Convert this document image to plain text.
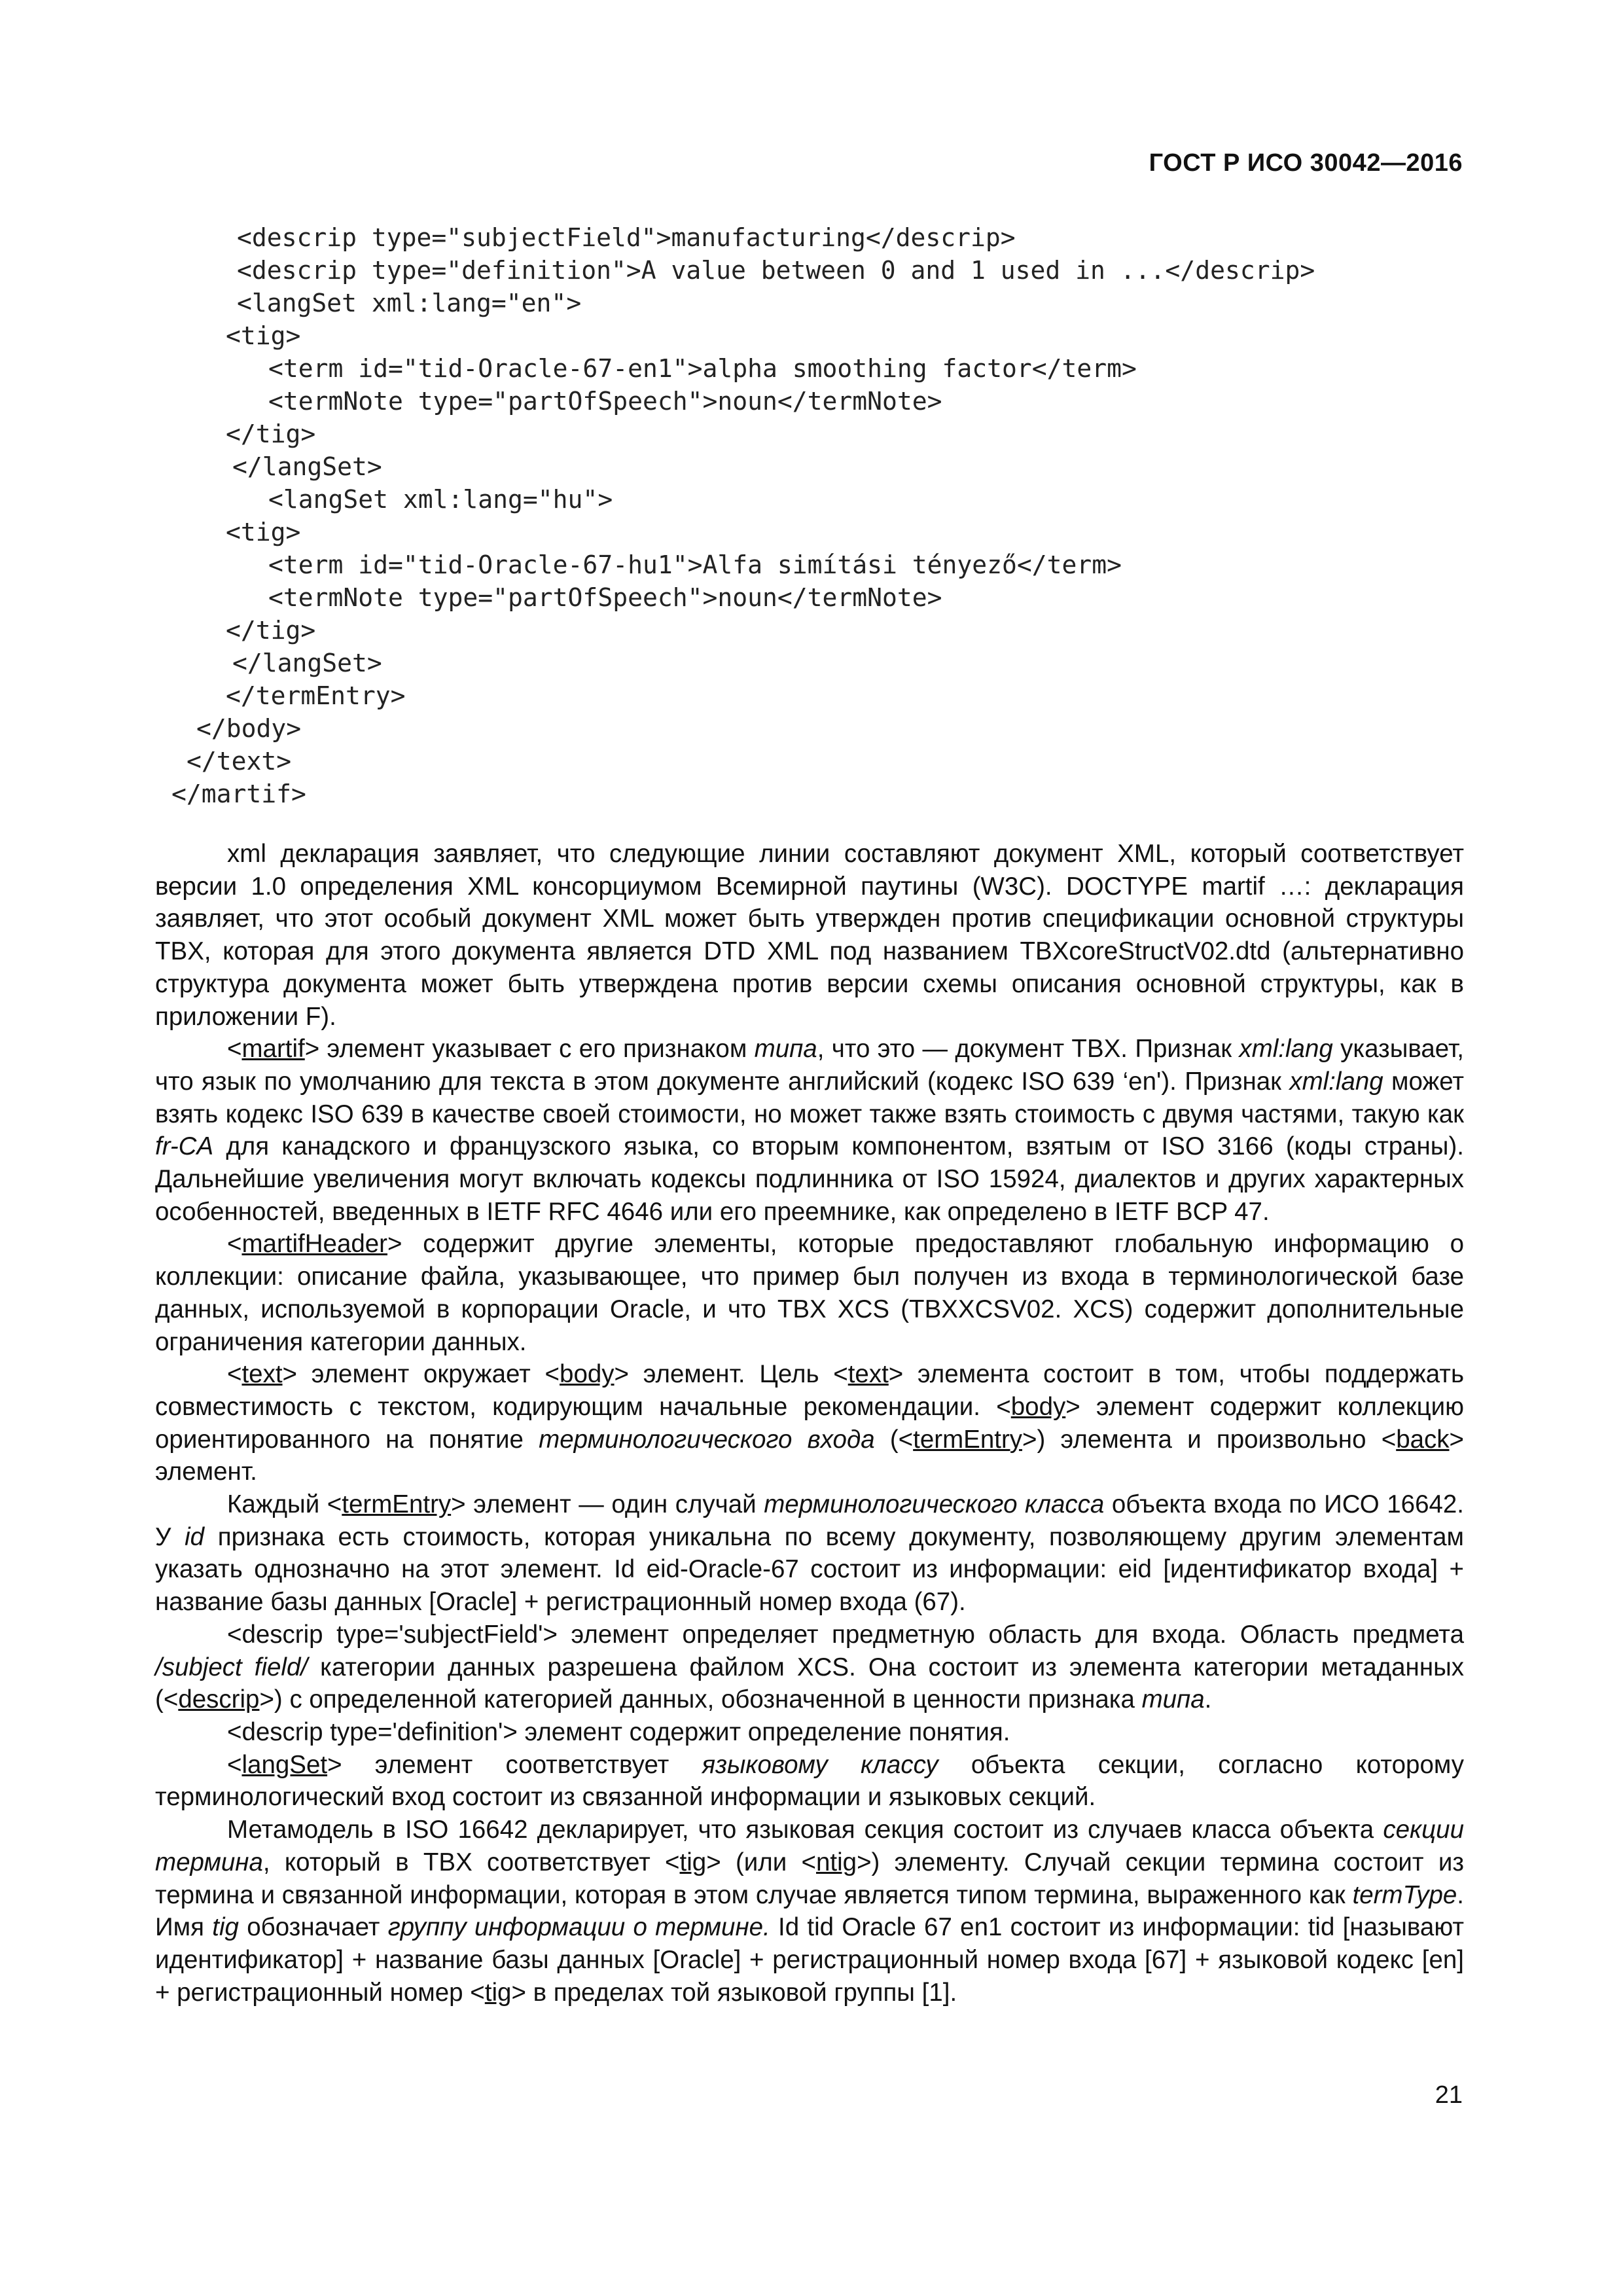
ГОСТ Р ИСО 30042—2016
<descrip type="subjectField">manufacturing</descrip>
<descrip type="definition">A value between 0 and 1 used in ...</descrip>
<langSet xml:lang="en">
<tig>
<term id="tid-Oracle-67-en1">alpha smoothing factor</term>
<termNote type="partOfSpeech">noun</termNote>
</tig>
</langSet>
<langSet xml:lang="hu">
<tig>
<term id="tid-Oracle-67-hu1">Alfa simítási tényező</term>
<termNote type="partOfSpeech">noun</termNote>
</tig>
</langSet>
</termEntry>
</body>
</text>
</martif>

xml декларация заявляет, что следующие линии составляют документ XML, который соответствует версии 1.0 определения XML консорциумом Всемирной паутины (W3C). DOCTYPE martif …: декларация заявляет, что этот особый документ XML может быть утвержден против спецификации основной структуры TBX, которая для этого документа является DTD XML под названием TBXcoreStructV02.dtd (альтернативно структура документа может быть утверждена против версии схемы описания основной структуры, как в приложении F).

<martif> элемент указывает с его признаком типа, что это — документ TBX. Признак xml:lang указывает, что язык по умолчанию для текста в этом документе английский (кодекс ISO 639 ‘en'). Признак xml:lang может взять кодекс ISO 639 в качестве своей стоимости, но может также взять стоимость с двумя частями, такую как fr-CA для канадского и французского языка, со вторым компонентом, взятым от ISO 3166 (коды страны). Дальнейшие увеличения могут включать кодексы подлинника от ISO 15924, диалектов и других характерных особенностей, введенных в IETF RFC 4646 или его преемнике, как определено в IETF BCP 47.

<martifHeader> содержит другие элементы, которые предоставляют глобальную информацию о коллекции: описание файла, указывающее, что пример был получен из входа в терминологической базе данных, используемой в корпорации Oracle, и что TBX XCS (TBXXCSV02. XCS) содержит дополнительные ограничения категории данных.

<text> элемент окружает <body> элемент. Цель <text> элемента состоит в том, чтобы поддержать совместимость с текстом, кодирующим начальные рекомендации. <body> элемент содержит коллекцию ориентированного на понятие терминологического входа (<termEntry>) элемента и произвольно <back> элемент.

Каждый <termEntry> элемент — один случай терминологического класса объекта входа по ИСО 16642. У id признака есть стоимость, которая уникальна по всему документу, позволяющему другим элементам указать однозначно на этот элемент. Id eid-Oracle-67 состоит из информации: eid [идентификатор входа] + название базы данных [Oracle] + регистрационный номер входа (67).

<descrip type='subjectField'> элемент определяет предметную область для входа. Область предмета /subject field/ категории данных разрешена файлом XCS. Она состоит из элемента категории метаданных (<descrip>) с определенной категорией данных, обозначенной в ценности признака типа.

<descrip type='definition'> элемент содержит определение понятия.

<langSet> элемент соответствует языковому классу объекта секции, согласно которому терминологический вход состоит из связанной информации и языковых секций.

Метамодель в ISO 16642 декларирует, что языковая секция состоит из случаев класса объекта секции термина, который в TBX соответствует <tig> (или <ntig>) элементу. Случай секции термина состоит из термина и связанной информации, которая в этом случае является типом термина, выраженного как termType. Имя tig обозначает группу информации о термине. Id tid Oracle 67 en1 состоит из информации: tid [называют идентификатор] + название базы данных [Oracle] + регистрационный номер входа [67] + языковой кодекс [en] + регистрационный номер <tig> в пределах той языковой группы [1].

21
